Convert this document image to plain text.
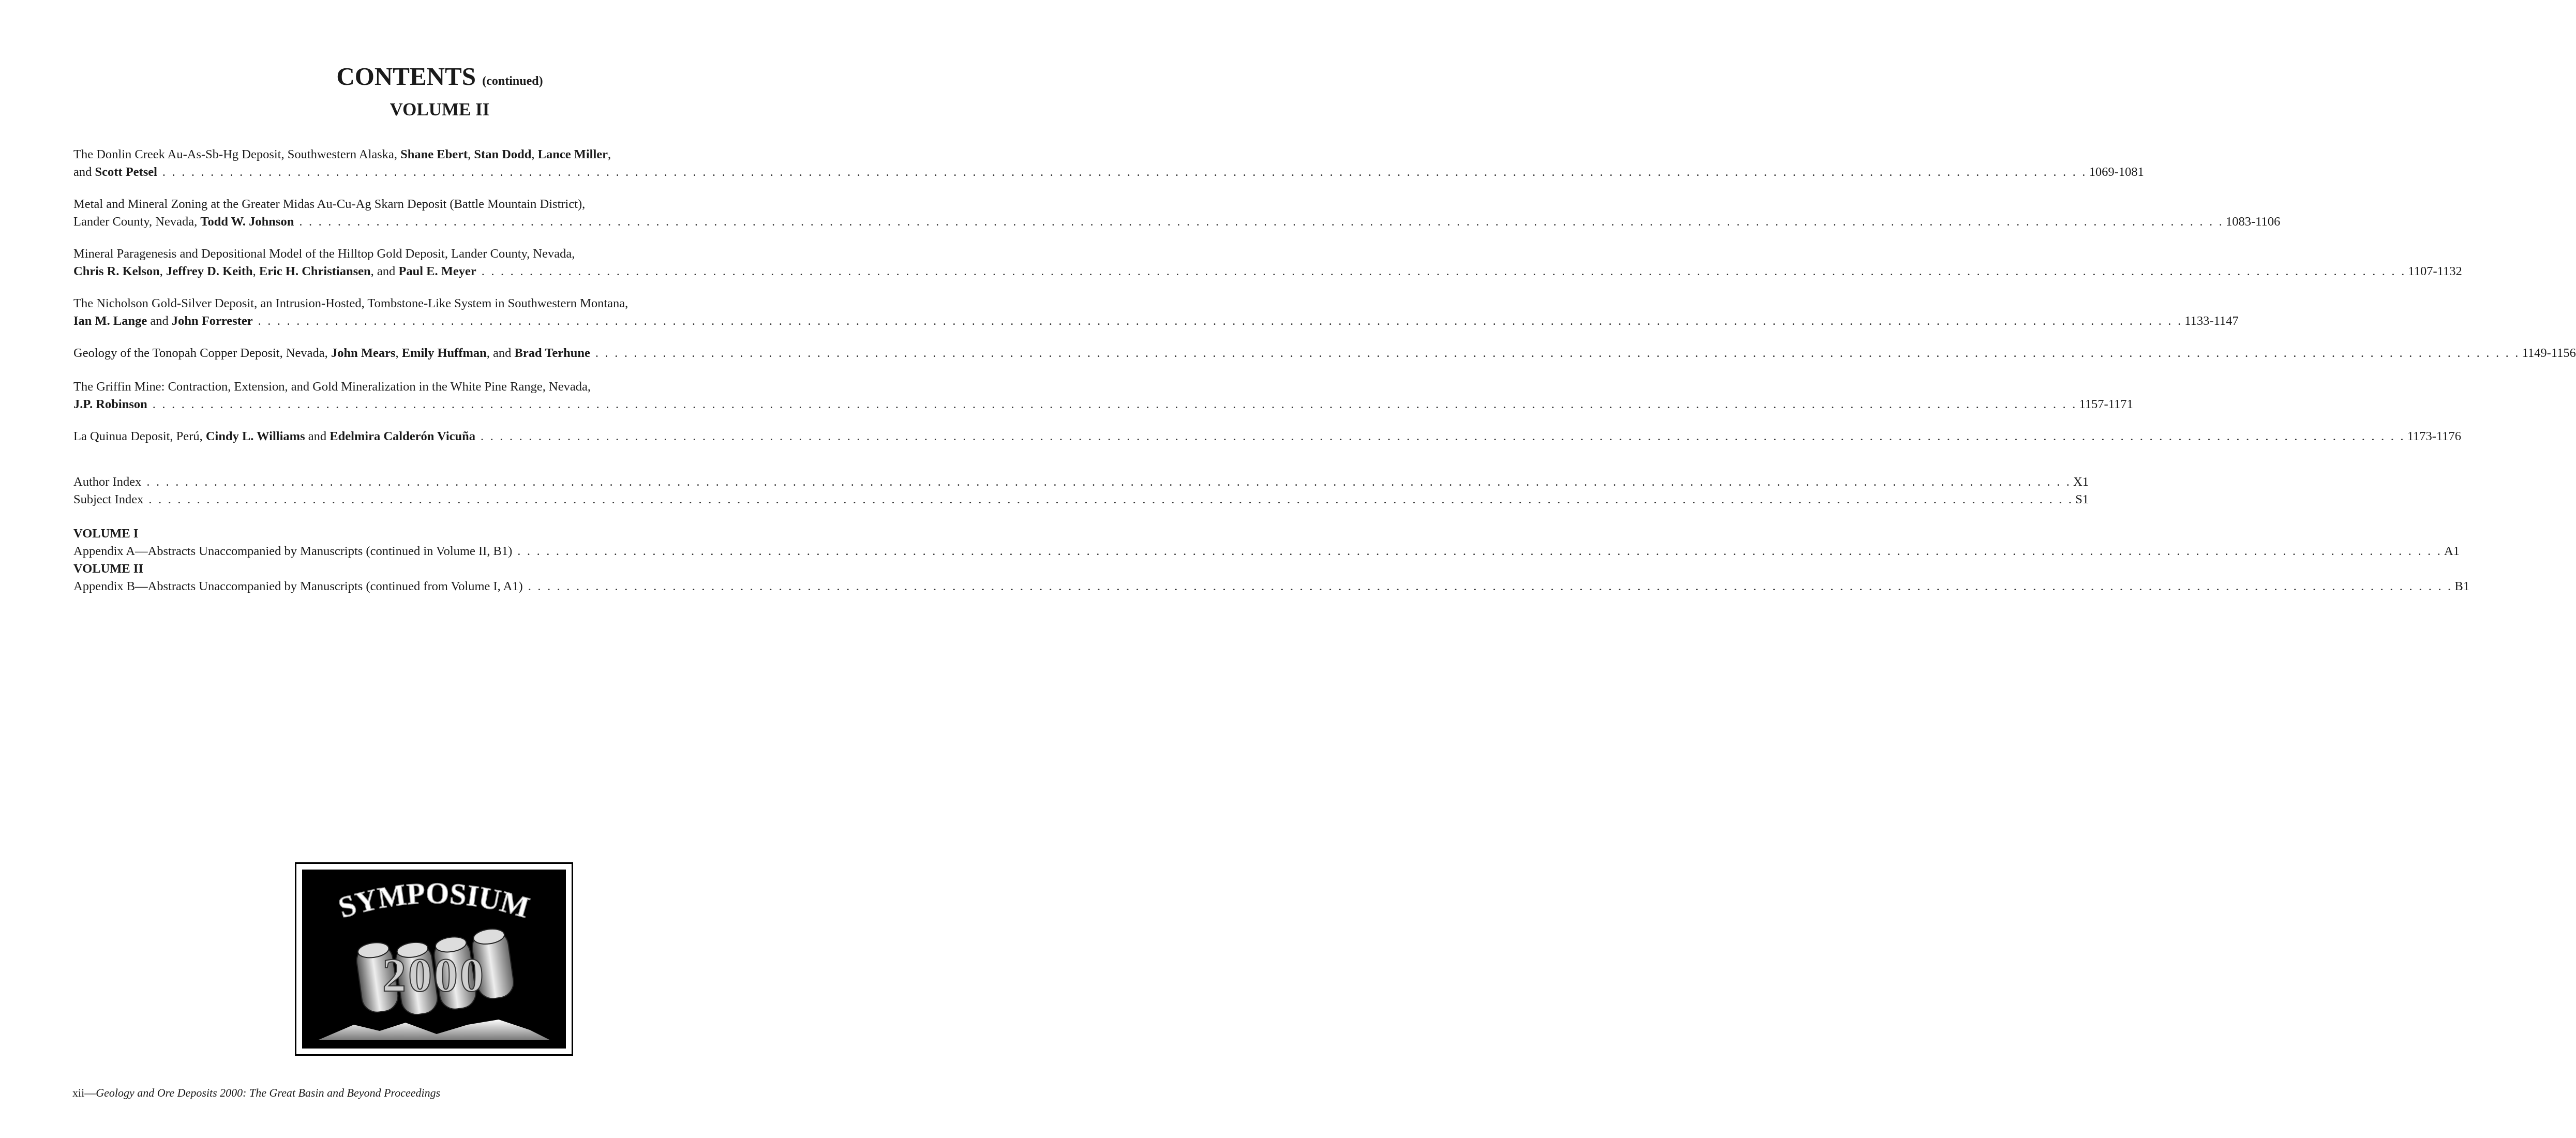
CONTENTS (continued)
VOLUME II
The Donlin Creek Au-As-Sb-Hg Deposit, Southwestern Alaska, Shane Ebert, Stan Dodd, Lance Miller,
and Scott Petsel . . . . . . . . . . . . . . . . . . . . . . . . . . . . . . . . . . . . . . . . . . . . . . . . . . . . . . . . . . . . . . . . . . . . . . . . . . . . . . . . . . . . . . . . . . . . . . . . . . . . . . . . . . . . . . . . . . . . . . . . . . . . . . . . . . . . . . . . . . . . . . . . . . . . . . . . . . . . . . . . . . . . . . . . . . . . . . . . . . . . . . . . . . . . . . . . . . . . . . . . 1069-1081
Metal and Mineral Zoning at the Greater Midas Au-Cu-Ag Skarn Deposit (Battle Mountain District),
Lander County, Nevada, Todd W. Johnson . . . . . . . . . . . . . . . . . . . . . . . . . . . . . . . . . . . . . . . . . . . . . . . . . . . . . . . . . . . . . . . . . . . . . . . . . . . . . . . . . . . . . . . . . . . . . . . . . . . . . . . . . . . . . . . . . . . . . . . . . . . . . . . . . . . . . . . . . . . . . . . . . . . . . . . . . . . . . . . . . . . . . . . . . . . . . . . . . . . . . . . . . . . . . . . . . . . . . . . . 1083-1106
Mineral Paragenesis and Depositional Model of the Hilltop Gold Deposit, Lander County, Nevada,
Chris R. Kelson, Jeffrey D. Keith, Eric H. Christiansen, and Paul E. Meyer . . . . . . . . . . . . . . . . . . . . . . . . . . . . . . . . . . . . . . . . . . . . . . . . . . . . . . . . . . . . . . . . . . . . . . . . . . . . . . . . . . . . . . . . . . . . . . . . . . . . . . . . . . . . . . . . . . . . . . . . . . . . . . . . . . . . . . . . . . . . . . . . . . . . . . . . . . . . . . . . . . . . . . . . . . . . . . . . . . . . . . . . . . . . . . . . . . . . . . . . 1107-1132
The Nicholson Gold-Silver Deposit, an Intrusion-Hosted, Tombstone-Like System in Southwestern Montana,
Ian M. Lange and John Forrester . . . . . . . . . . . . . . . . . . . . . . . . . . . . . . . . . . . . . . . . . . . . . . . . . . . . . . . . . . . . . . . . . . . . . . . . . . . . . . . . . . . . . . . . . . . . . . . . . . . . . . . . . . . . . . . . . . . . . . . . . . . . . . . . . . . . . . . . . . . . . . . . . . . . . . . . . . . . . . . . . . . . . . . . . . . . . . . . . . . . . . . . . . . . . . . . . . . . . . . . 1133-1147
Geology of the Tonopah Copper Deposit, Nevada, John Mears, Emily Huffman, and Brad Terhune . . . . . . . . . . . . . . . . . . . . . . . . . . . . . . . . . . . . . . . . . . . . . . . . . . . . . . . . . . . . . . . . . . . . . . . . . . . . . . . . . . . . . . . . . . . . . . . . . . . . . . . . . . . . . . . . . . . . . . . . . . . . . . . . . . . . . . . . . . . . . . . . . . . . . . . . . . . . . . . . . . . . . . . . . . . . . . . . . . . . . . . . . . . . . . . . . . . . . . . . 1149-1156
The Griffin Mine: Contraction, Extension, and Gold Mineralization in the White Pine Range, Nevada,
J.P. Robinson . . . . . . . . . . . . . . . . . . . . . . . . . . . . . . . . . . . . . . . . . . . . . . . . . . . . . . . . . . . . . . . . . . . . . . . . . . . . . . . . . . . . . . . . . . . . . . . . . . . . . . . . . . . . . . . . . . . . . . . . . . . . . . . . . . . . . . . . . . . . . . . . . . . . . . . . . . . . . . . . . . . . . . . . . . . . . . . . . . . . . . . . . . . . . . . . . . . . . . . . 1157-1171
La Quinua Deposit, Perú, Cindy L. Williams and Edelmira Calderón Vicuña . . . . . . . . . . . . . . . . . . . . . . . . . . . . . . . . . . . . . . . . . . . . . . . . . . . . . . . . . . . . . . . . . . . . . . . . . . . . . . . . . . . . . . . . . . . . . . . . . . . . . . . . . . . . . . . . . . . . . . . . . . . . . . . . . . . . . . . . . . . . . . . . . . . . . . . . . . . . . . . . . . . . . . . . . . . . . . . . . . . . . . . . . . . . . . . . . . . . . . . . 1173-1176
Author Index . . . . . . . . . . . . . . . . . . . . . . . . . . . . . . . . . . . . . . . . . . . . . . . . . . . . . . . . . . . . . . . . . . . . . . . . . . . . . . . . . . . . . . . . . . . . . . . . . . . . . . . . . . . . . . . . . . . . . . . . . . . . . . . . . . . . . . . . . . . . . . . . . . . . . . . . . . . . . . . . . . . . . . . . . . . . . . . . . . . . . . . . . . . . . . . . . . . . . . . . X1
Subject Index . . . . . . . . . . . . . . . . . . . . . . . . . . . . . . . . . . . . . . . . . . . . . . . . . . . . . . . . . . . . . . . . . . . . . . . . . . . . . . . . . . . . . . . . . . . . . . . . . . . . . . . . . . . . . . . . . . . . . . . . . . . . . . . . . . . . . . . . . . . . . . . . . . . . . . . . . . . . . . . . . . . . . . . . . . . . . . . . . . . . . . . . . . . . . . . . . . . . . . . . S1
VOLUME I
Appendix A—Abstracts Unaccompanied by Manuscripts (continued in Volume II, B1) . . . . . . . . . . . . . . . . . . . . . . . . . . . . . . . . . . . . . . . . . . . . . . . . . . . . . . . . . . . . . . . . . . . . . . . . . . . . . . . . . . . . . . . . . . . . . . . . . . . . . . . . . . . . . . . . . . . . . . . . . . . . . . . . . . . . . . . . . . . . . . . . . . . . . . . . . . . . . . . . . . . . . . . . . . . . . . . . . . . . . . . . . . . . . . . . . . . . . . . . A1
VOLUME II
Appendix B—Abstracts Unaccompanied by Manuscripts (continued from Volume I, A1) . . . . . . . . . . . . . . . . . . . . . . . . . . . . . . . . . . . . . . . . . . . . . . . . . . . . . . . . . . . . . . . . . . . . . . . . . . . . . . . . . . . . . . . . . . . . . . . . . . . . . . . . . . . . . . . . . . . . . . . . . . . . . . . . . . . . . . . . . . . . . . . . . . . . . . . . . . . . . . . . . . . . . . . . . . . . . . . . . . . . . . . . . . . . . . . . . . . . . . . . B1
SYMPOSIUM
2000
xii—Geology and Ore Deposits 2000: The Great Basin and Beyond Proceedings
